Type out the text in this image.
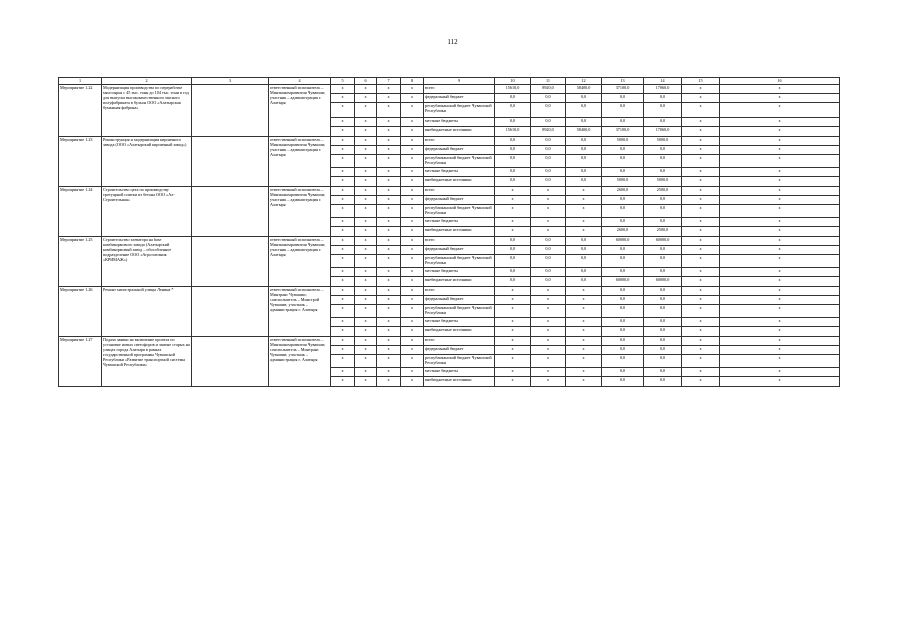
112
1	2	3	4	5	6	7	8	9	10	11	12	13	14	15	16
Мероприятие 1.22	Модернизация производства по переработке мясосырья с 45 тыс. тонн до 104 тыс. тонн в год для выпуска высококачественного мясного полуфабриката в бульон ООО «Алатырская бумажная фабрика»		ответственный исполнитель – Минэкономразвития Чувашии; участник – администрация г. Алатыря	x	x	x	x	всего	15610,0	8920,0	58400,0	37100,0	17060,0	x	x
				x	x	x	x	федеральный бюджет	0,0	0,0	0,0	0,0	0,0	x	x
				x	x	x	x	республиканский бюджет Чувашской Республики	0,0	0,0	0,0	0,0	0,0	x	x
				x	x	x	x	местные бюджеты	0,0	0,0	0,0	0,0	0,0	x	x
				x	x	x	x	внебюджетные источники	15610,0	8920,0	58400,0	37100,0	17060,0	x	x
Мероприятие 1.23	Реконструкция и модернизация кирпичного завода (ООО «Алатырский кирпичный завод»)		ответственный исполнитель – Минэкономразвития Чувашии; участник – администрация г. Алатыря	x	x	x	x	всего	0,0	0,0	0,0	5000,0	5000,0	x	x
				x	x	x	x	федеральный бюджет	0,0	0,0	0,0	0,0	0,0	x	x
				x	x	x	x	республиканский бюджет Чувашской Республики	0,0	0,0	0,0	0,0	0,0	x	x
				x	x	x	x	местные бюджеты	0,0	0,0	0,0	0,0	0,0	x	x
				x	x	x	x	внебюджетные источники	0,0	0,0	0,0	5000,0	5000,0	x	x
Мероприятие 1.24	Строительство цеха по производству тротуарной плитки из бетона ООО «Ал-Строительная»		ответственный исполнитель – Минэкономразвития Чувашии; участник – администрация г. Алатыря	x	x	x	x	всего	x	x	x	2600,0	2500,0	x	x
				x	x	x	x	федеральный бюджет	x	x	x	0,0	0,0	x	x
				x	x	x	x	республиканский бюджет Чувашской Республики	x	x	x	0,0	0,0	x	x
				x	x	x	x	местные бюджеты	x	x	x	0,0	0,0	x	x
				x	x	x	x	внебюджетные источники	x	x	x	2600,0	2500,0	x	x
Мероприятие 1.25	Строительство элеватора на base комбикормового завода (Алатырский комбикормовый завод – обособленное подразделение ООО «Агросоюзник «КРИМАЖ»)		ответственный исполнитель – Минэкономразвития Чувашии; участник – администрация г. Алатыря	x	x	x	x	всего	0,0	0,0	0,0	60000,0	60000,0	x	x
				x	x	x	x	федеральный бюджет	0,0	0,0	0,0	0,0	0,0	x	x
				x	x	x	x	республиканский бюджет Чувашской Республики	0,0	0,0	0,0	0,0	0,0	x	x
				x	x	x	x	местные бюджеты	0,0	0,0	0,0	0,0	0,0	x	x
				x	x	x	x	внебюджетные источники	0,0	0,0	0,0	60000,0	60000,0	x	x
Мероприятие 1.26	Ремонт магистральной улицы Ленина *		ответственный исполнитель – Минтранс Чувашии; соисполнитель – Минстрой Чувашии; участник – администрация г. Алатыря	x	x	x	x	всего	x	x	x	0,0	0,0	x	x
				x	x	x	x	федеральный бюджет	x	x	x	0,0	0,0	x	x
				x	x	x	x	республиканский бюджет Чувашской Республики	x	x	x	0,0	0,0	x	x
				x	x	x	x	местные бюджеты	x	x	x	0,0	0,0	x	x
				x	x	x	x	внебюджетные источники	x	x	x	0,0	0,0	x	x
Мероприятие 1.27	Подача заявки на включение проекта по установке новых светофоров и замене старых на улицах города Алатыря в рамках государственной программы Чувашской Республики «Развитие транспортной системы Чувашской Республики»		ответственный исполнитель – Минэкономразвития Чувашии; соисполнитель – Минтранс Чувашии; участник – администрация г. Алатыря	x	x	x	x	всего	x	x	x	0,0	0,0	x	x
				x	x	x	x	федеральный бюджет	x	x	x	0,0	0,0	x	x
				x	x	x	x	республиканский бюджет Чувашской Республики	x	x	x	0,0	0,0	x	x
				x	x	x	x	местные бюджеты	x	x	x	0,0	0,0	x	x
				x	x	x	x	внебюджетные источники	x	x	x	0,0	0,0	x	x
